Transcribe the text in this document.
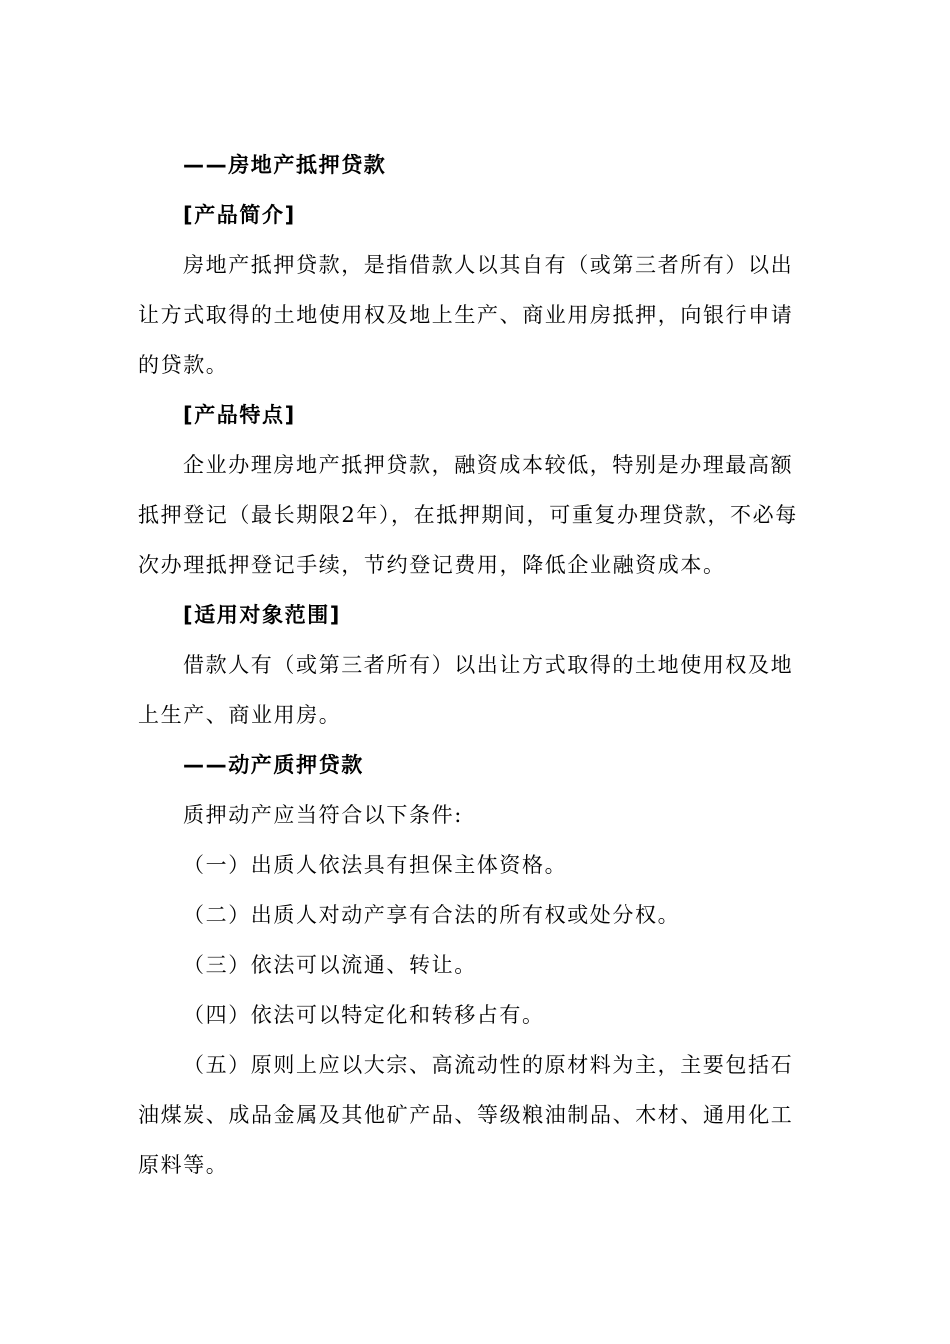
——房地产抵押贷款
[产品简介]

房地产抵押贷款，是指借款人以其自有（或第三者所有）以出让方式取得的土地使用权及地上生产、商业用房抵押，向银行申请的贷款。

[产品特点]

企业办理房地产抵押贷款，融资成本较低，特别是办理最高额抵押登记（最长期限2年），在抵押期间，可重复办理贷款，不必每次办理抵押登记手续，节约登记费用，降低企业融资成本。

[适用对象范围]

借款人有（或第三者所有）以出让方式取得的土地使用权及地上生产、商业用房。

——动产质押贷款
质押动产应当符合以下条件:
（一）出质人依法具有担保主体资格。
（二）出质人对动产享有合法的所有权或处分权。
（三）依法可以流通、转让。
（四）依法可以特定化和转移占有。

（五）原则上应以大宗、高流动性的原材料为主，主要包括石油煤炭、成品金属及其他矿产品、等级粮油制品、木材、通用化工原料等。
